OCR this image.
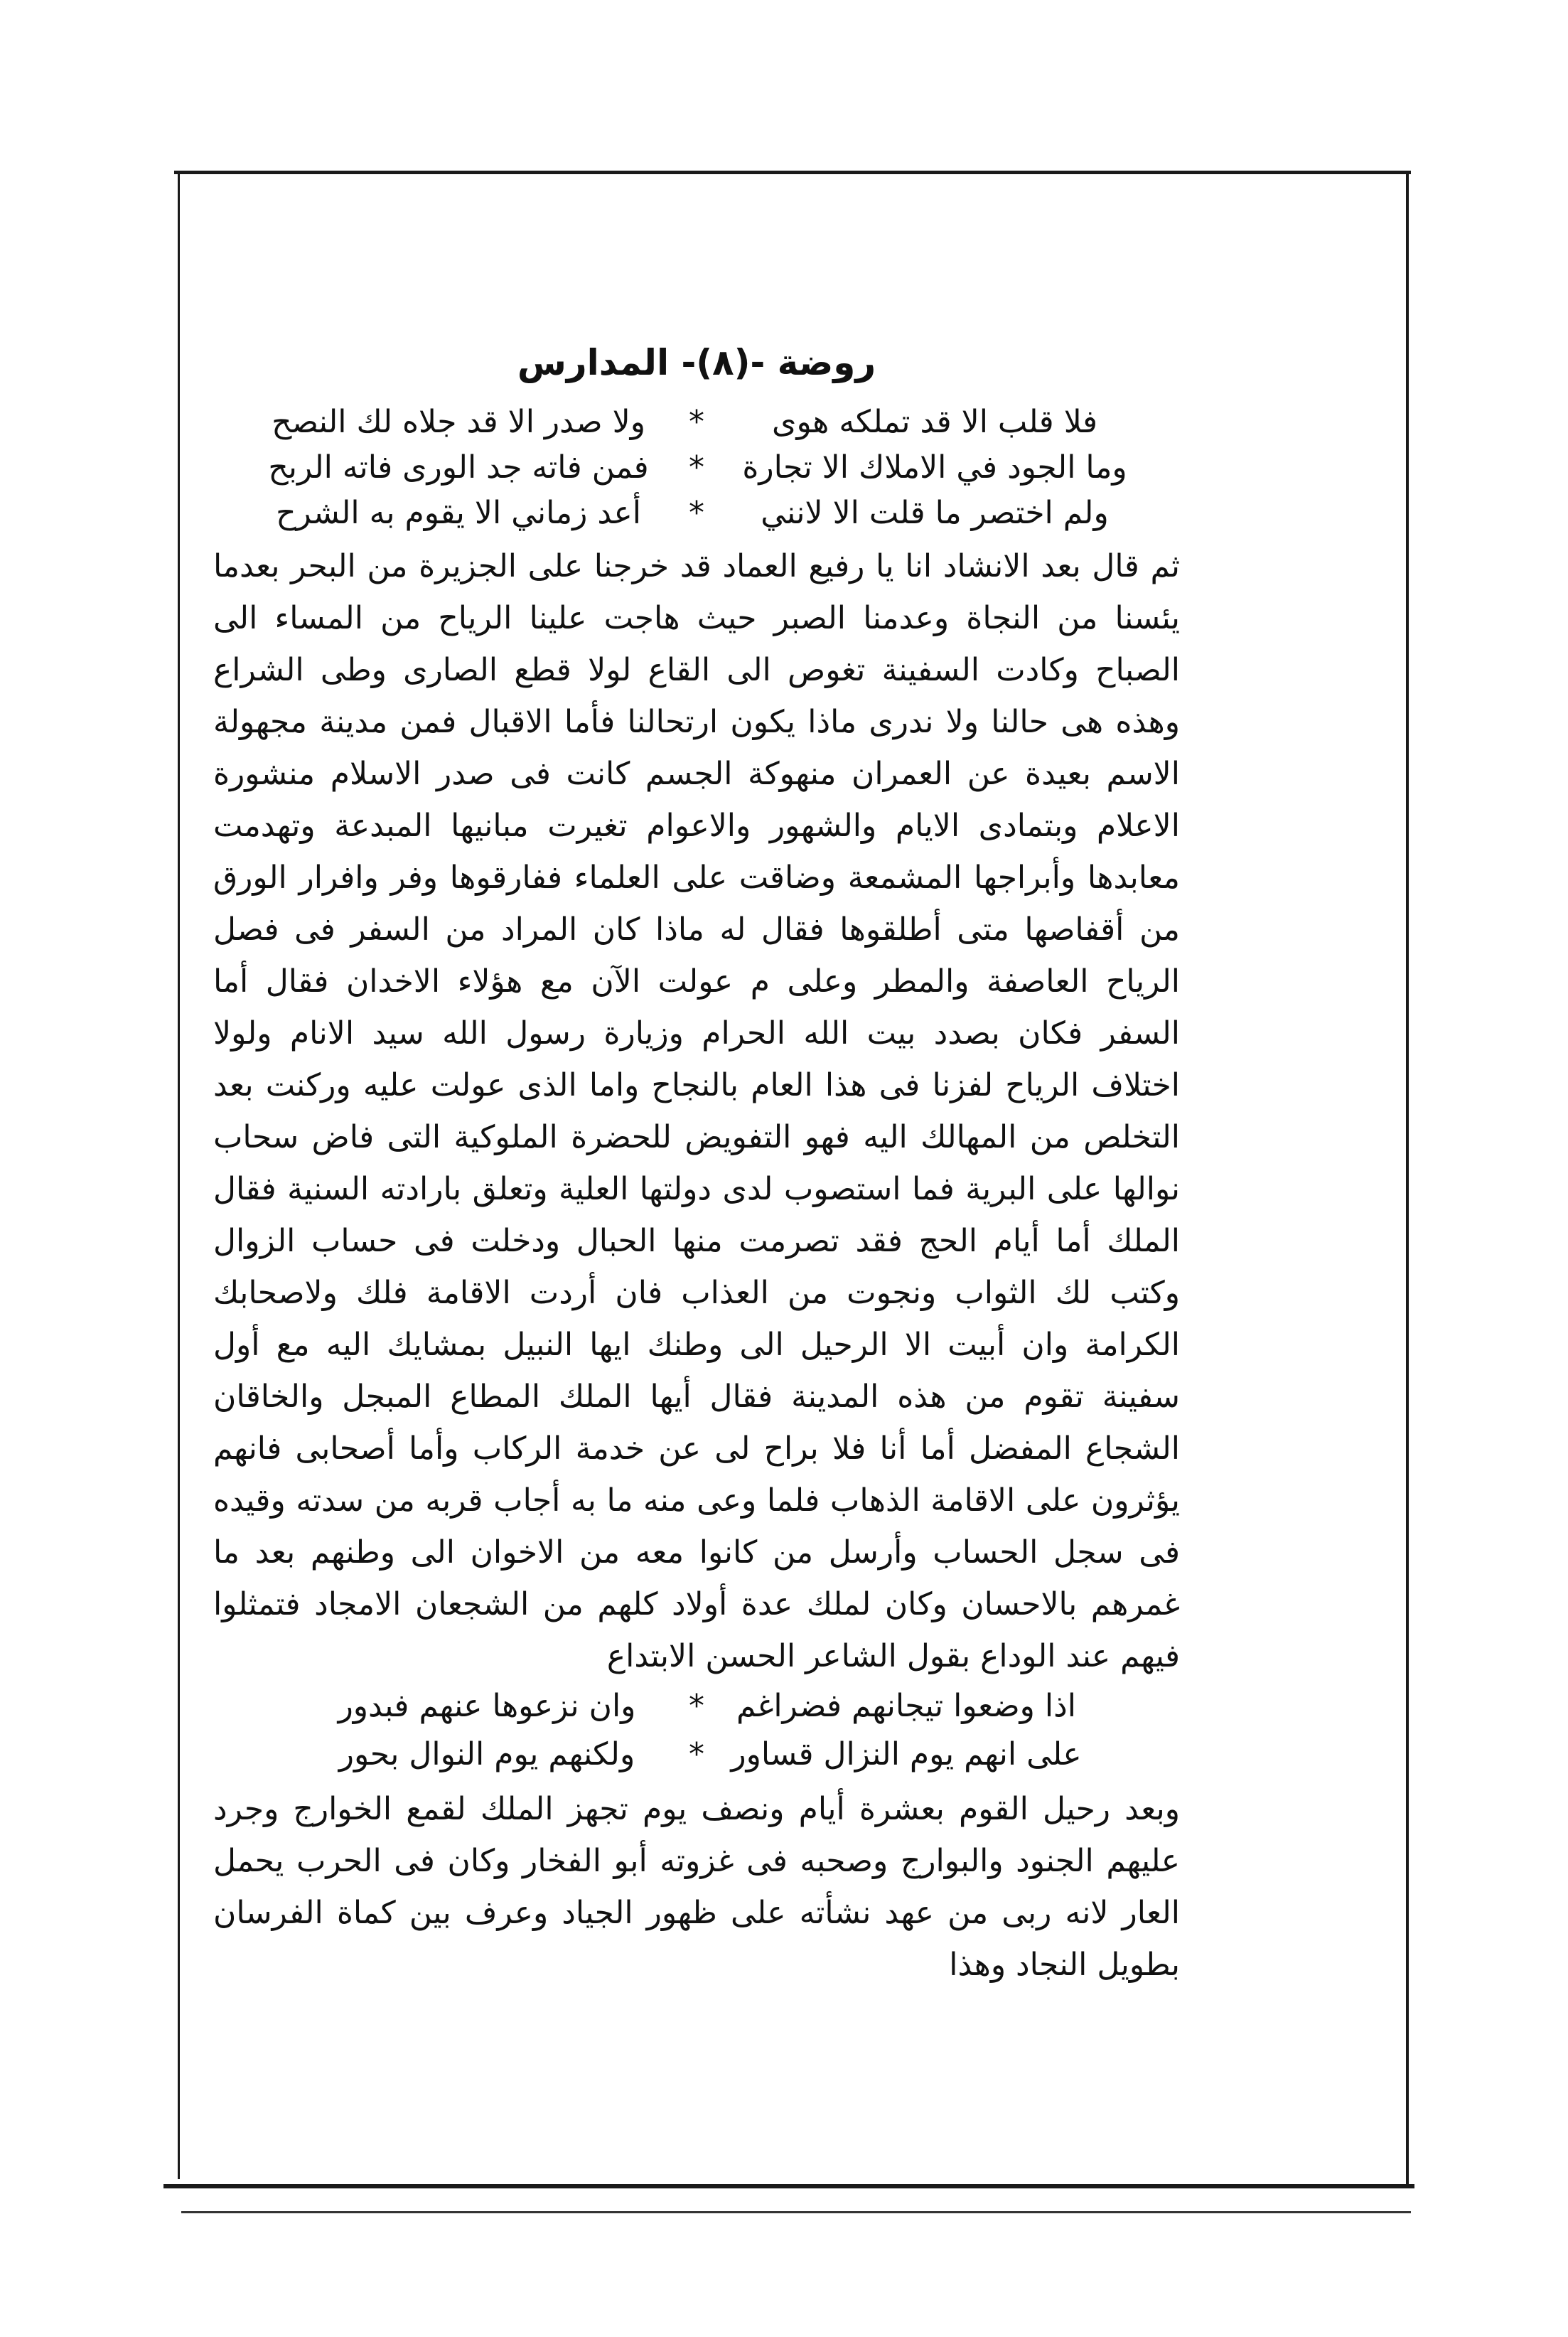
روضة -(٨)- المدارس
فلا قلب الا قد تملكه هوى
*
ولا صدر الا قد جلاه لك النصح
وما الجود في الاملاك الا تجارة
*
فمن فاته جد الورى فاته الربح
ولم اختصر ما قلت الا لانني
*
أعد زماني الا يقوم به الشرح

ثم قال بعد الانشاد انا يا رفيع العماد قد خرجنا على الجزيرة من البحر بعدما يئسنا من النجاة وعدمنا الصبر حيث هاجت علينا الرياح من المساء الى الصباح وكادت السفينة تغوص الى القاع لولا قطع الصارى وطى الشراع وهذه هى حالنا ولا ندرى ماذا يكون ارتحالنا فأما الاقبال فمن مدينة مجهولة الاسم بعيدة عن العمران منهوكة الجسم كانت فى صدر الاسلام منشورة الاعلام وبتمادى الايام والشهور والاعوام تغيرت مبانيها المبدعة وتهدمت معابدها وأبراجها المشمعة وضاقت على العلماء ففارقوها وفر وافرار الورق من أقفاصها متى أطلقوها فقال له ماذا كان المراد من السفر فى فصل الرياح العاصفة والمطر وعلى م عولت الآن مع هؤلاء الاخدان فقال أما السفر فكان بصدد بيت الله الحرام وزيارة رسول الله سيد الانام ولولا اختلاف الرياح لفزنا فى هذا العام بالنجاح واما الذى عولت عليه وركنت بعد التخلص من المهالك اليه فهو التفويض للحضرة الملوكية التى فاض سحاب نوالها على البرية فما استصوب لدى دولتها العلية وتعلق بارادته السنية فقال الملك أما أيام الحج فقد تصرمت منها الحبال ودخلت فى حساب الزوال وكتب لك الثواب ونجوت من العذاب فان أردت الاقامة فلك ولاصحابك الكرامة وان أبيت الا الرحيل الى وطنك ايها النبيل بمشايك اليه مع أول سفينة تقوم من هذه المدينة فقال أيها الملك المطاع المبجل والخاقان الشجاع المفضل أما أنا فلا براح لى عن خدمة الركاب وأما أصحابى فانهم يؤثرون على الاقامة الذهاب فلما وعى منه ما به أجاب قربه من سدته وقيده فى سجل الحساب وأرسل من كانوا معه من الاخوان الى وطنهم بعد ما غمرهم بالاحسان وكان لملك عدة أولاد كلهم من الشجعان الامجاد فتمثلوا فيهم عند الوداع بقول الشاعر الحسن الابتداع

اذا وضعوا تيجانهم فضراغم
*
وان نزعوها عنهم فبدور
على انهم يوم النزال قساور
*
ولكنهم يوم النوال بحور

وبعد رحيل القوم بعشرة أيام ونصف يوم تجهز الملك لقمع الخوارج وجرد عليهم الجنود والبوارج وصحبه فى غزوته أبو الفخار وكان فى الحرب يحمل العار لانه ربى من عهد نشأته على ظهور الجياد وعرف بين كماة الفرسان بطويل النجاد وهذا
